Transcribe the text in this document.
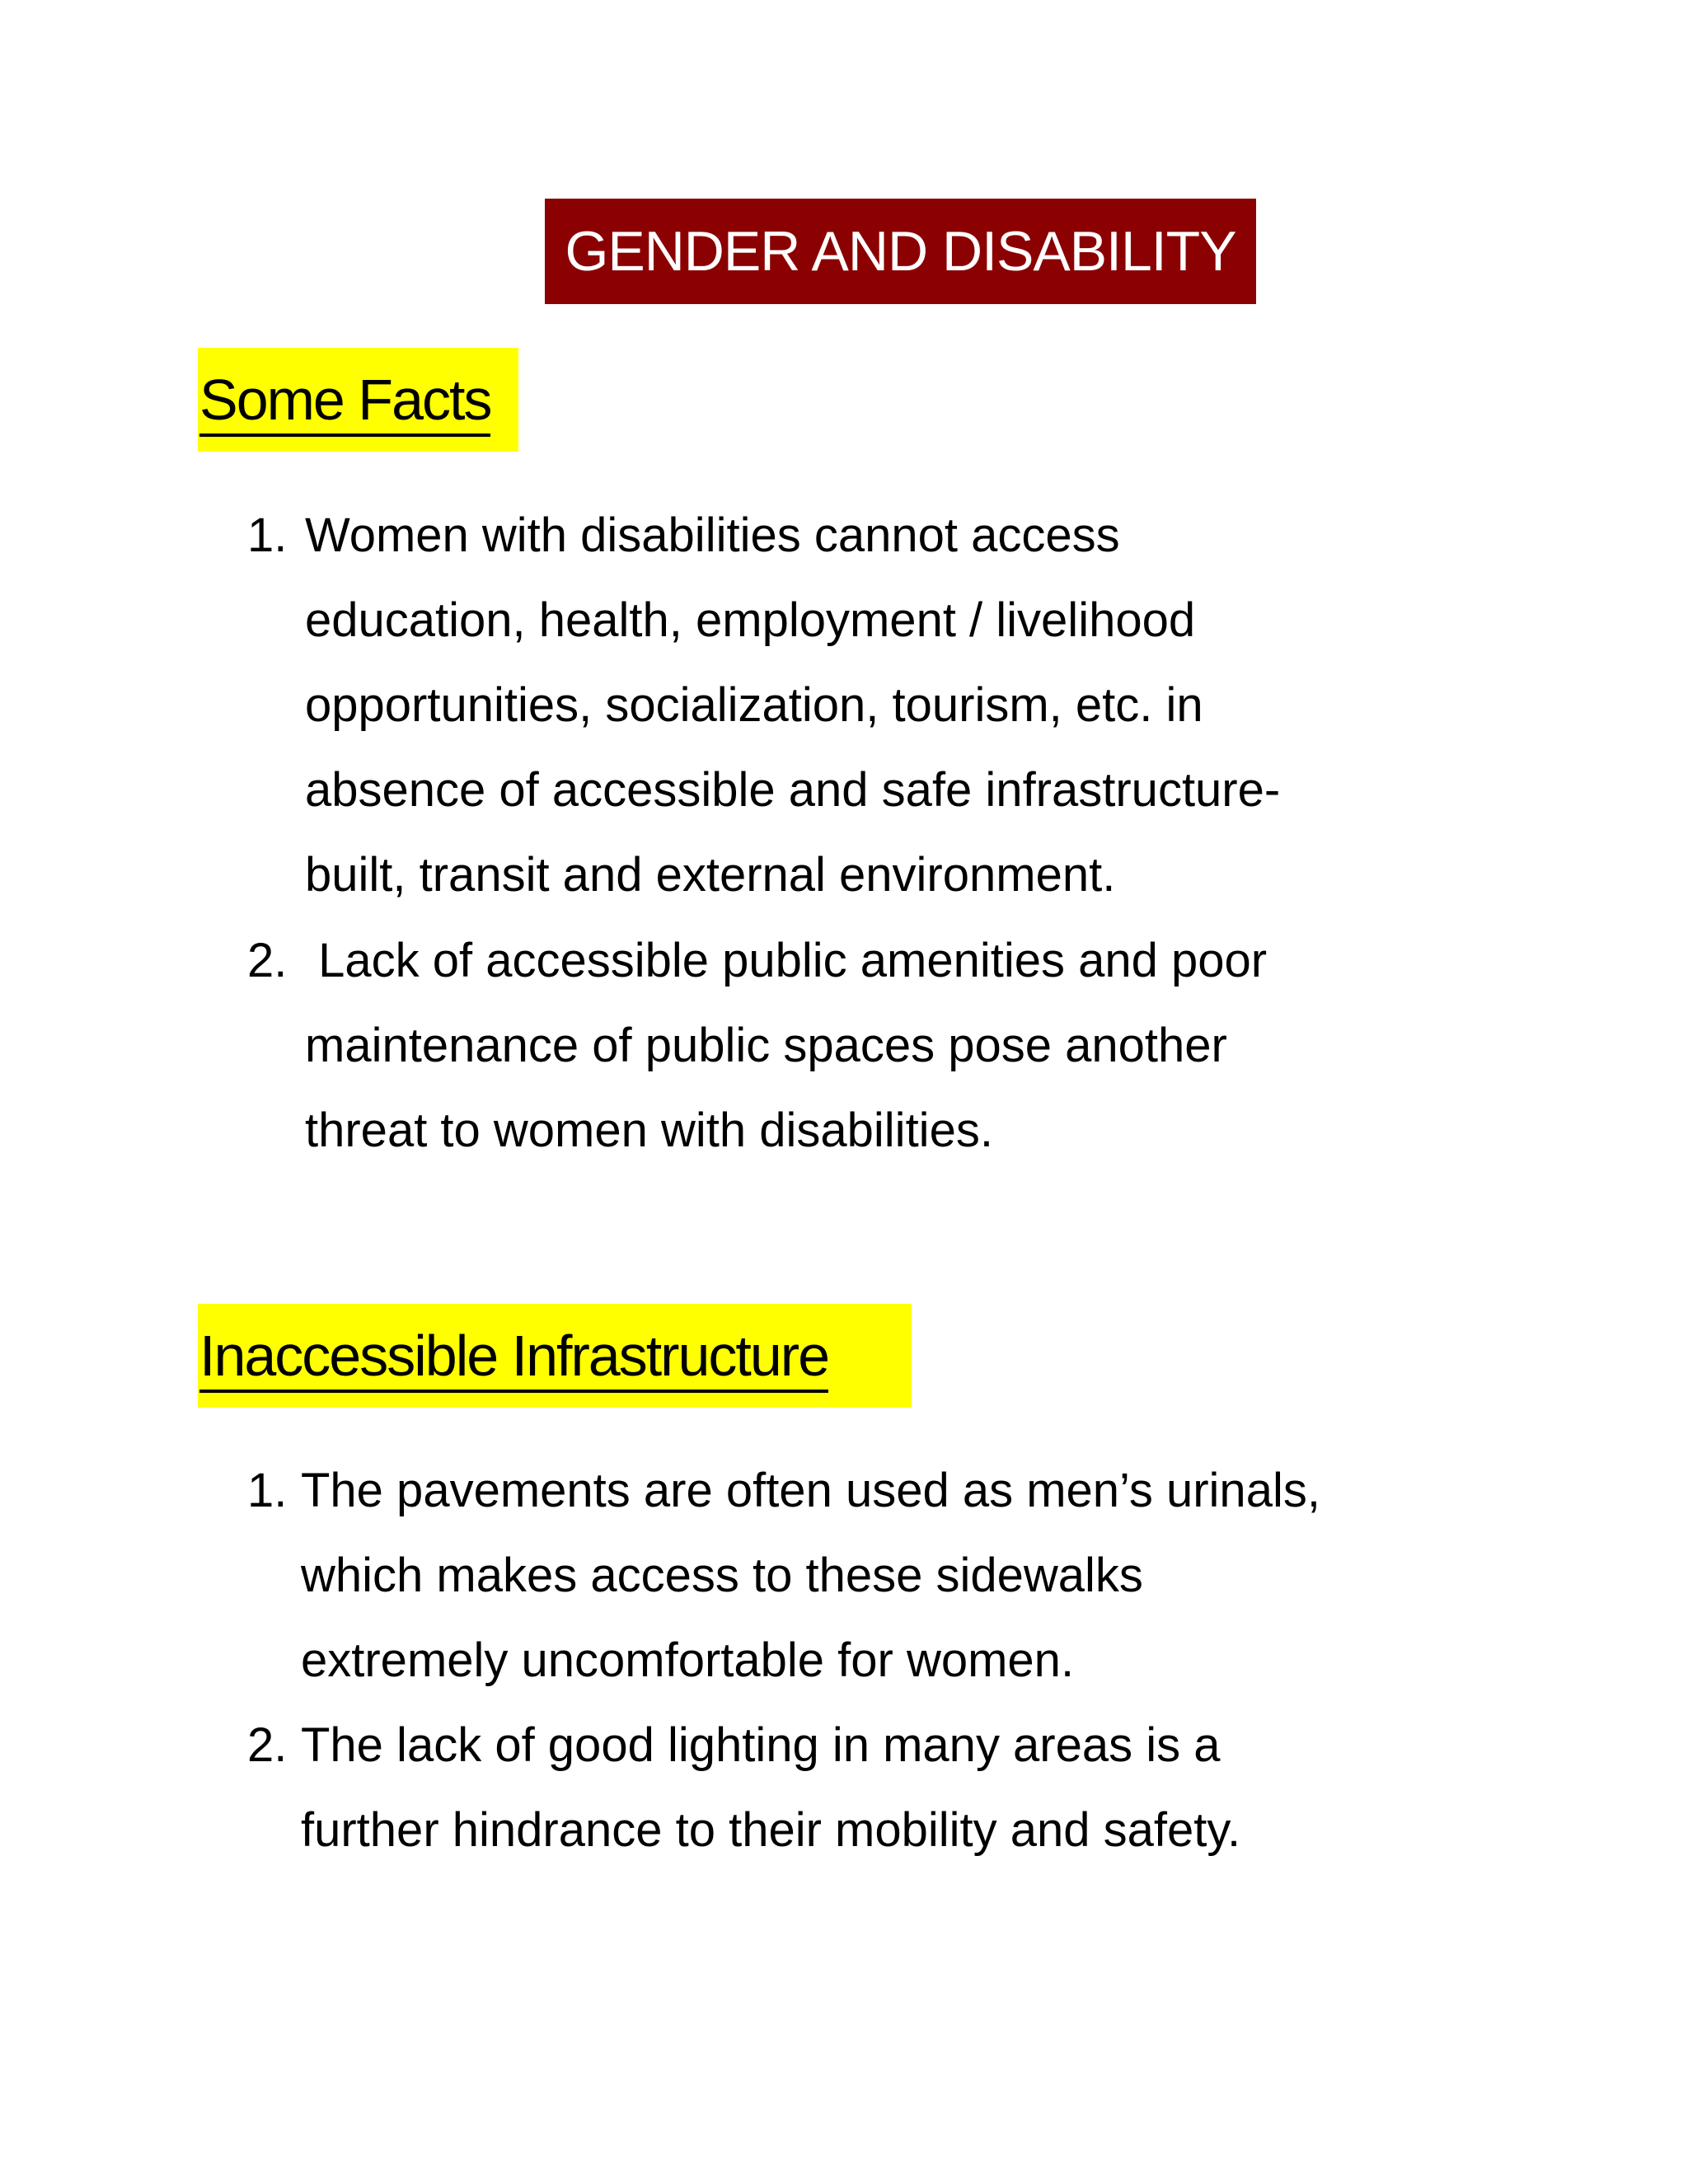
GENDER AND DISABILITY
Some Facts
1. Women with disabilities cannot access
education, health, employment / livelihood
opportunities, socialization, tourism, etc. in
absence of accessible and safe infrastructure-
built, transit and external environment.
2. Lack of accessible public amenities and poor
maintenance of public spaces pose another
threat to women with disabilities.
Inaccessible Infrastructure
1. The pavements are often used as men’s urinals,
which makes access to these sidewalks
extremely uncomfortable for women.
2. The lack of good lighting in many areas is a
further hindrance to their mobility and safety.
